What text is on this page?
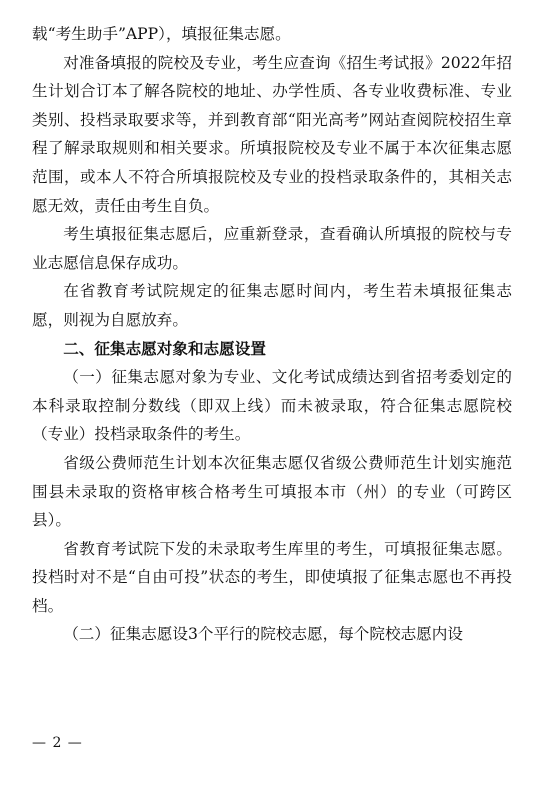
载“考生助手”APP），填报征集志愿。

对准备填报的院校及专业，考生应查询《招生考试报》2022年招生计划合订本了解各院校的地址、办学性质、各专业收费标准、专业类别、投档录取要求等，并到教育部“阳光高考”网站查阅院校招生章程了解录取规则和相关要求。所填报院校及专业不属于本次征集志愿范围，或本人不符合所填报院校及专业的投档录取条件的，其相关志愿无效，责任由考生自负。

考生填报征集志愿后，应重新登录，查看确认所填报的院校与专业志愿信息保存成功。

在省教育考试院规定的征集志愿时间内，考生若未填报征集志愿，则视为自愿放弃。

二、征集志愿对象和志愿设置

（一）征集志愿对象为专业、文化考试成绩达到省招考委划定的本科录取控制分数线（即双上线）而未被录取，符合征集志愿院校（专业）投档录取条件的考生。

省级公费师范生计划本次征集志愿仅省级公费师范生计划实施范围县未录取的资格审核合格考生可填报本市（州）的专业（可跨区县）。

省教育考试院下发的未录取考生库里的考生，可填报征集志愿。投档时对不是“自由可投”状态的考生，即使填报了征集志愿也不再投档。

（二）征集志愿设3个平行的院校志愿，每个院校志愿内设

— 2 —
